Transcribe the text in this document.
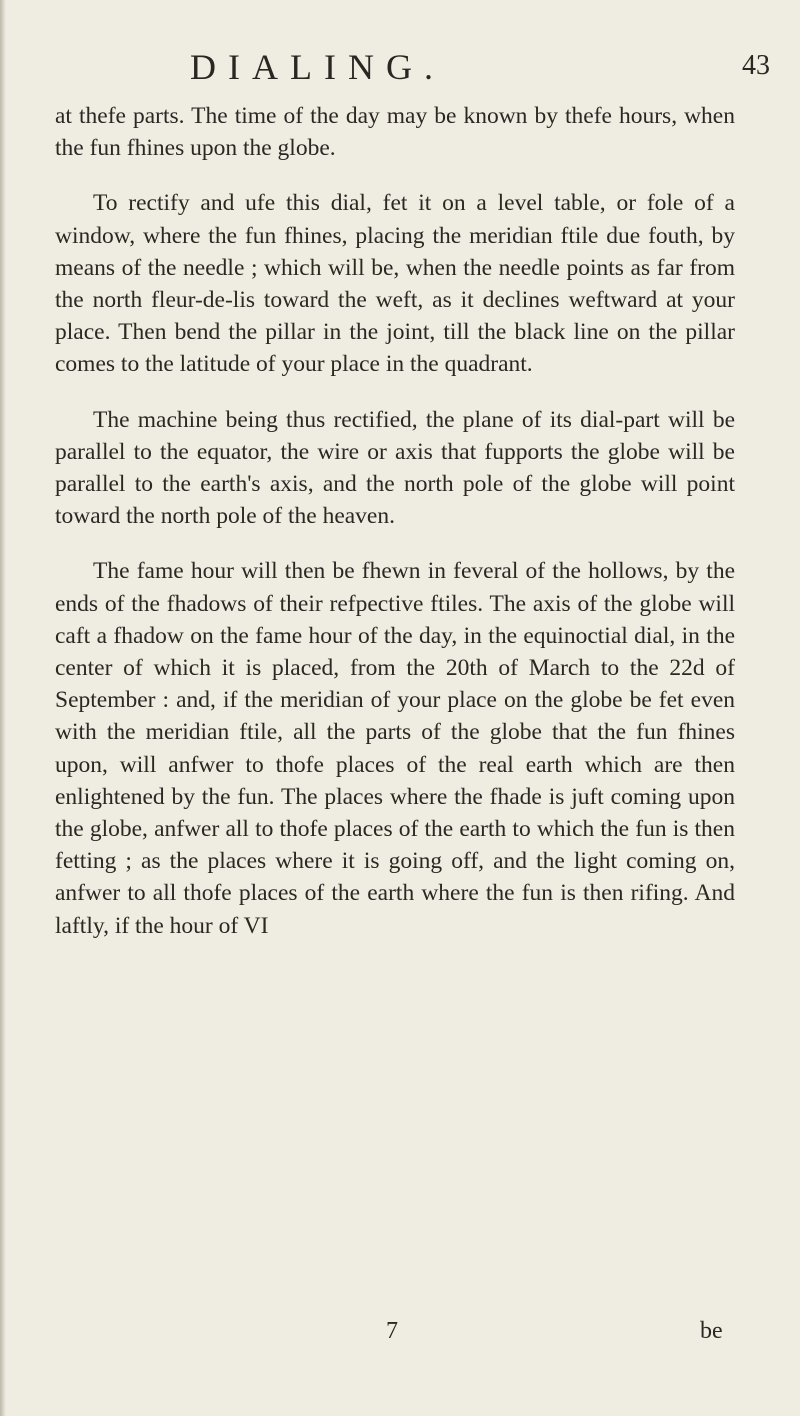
DIALING.	43

at thefe parts. The time of the day may be known by thefe hours, when the fun fhines upon the globe.

To rectify and ufe this dial, fet it on a level table, or fole of a window, where the fun fhines, placing the meridian ftile due fouth, by means of the needle ; which will be, when the needle points as far from the north fleur-de-lis toward the weft, as it declines weftward at your place. Then bend the pillar in the joint, till the black line on the pillar comes to the latitude of your place in the quadrant.

The machine being thus rectified, the plane of its dial-part will be parallel to the equator, the wire or axis that fupports the globe will be parallel to the earth's axis, and the north pole of the globe will point toward the north pole of the heaven.

The fame hour will then be fhewn in feveral of the hollows, by the ends of the fhadows of their refpective ftiles. The axis of the globe will caft a fhadow on the fame hour of the day, in the equinoctial dial, in the center of which it is placed, from the 20th of March to the 22d of September : and, if the meridian of your place on the globe be fet even with the meridian ftile, all the parts of the globe that the fun fhines upon, will anfwer to thofe places of the real earth which are then enlightened by the fun. The places where the fhade is juft coming upon the globe, anfwer all to thofe places of the earth to which the fun is then fetting ; as the places where it is going off, and the light coming on, anfwer to all thofe places of the earth where the fun is then rifing. And laftly, if the hour of VI

7	be
